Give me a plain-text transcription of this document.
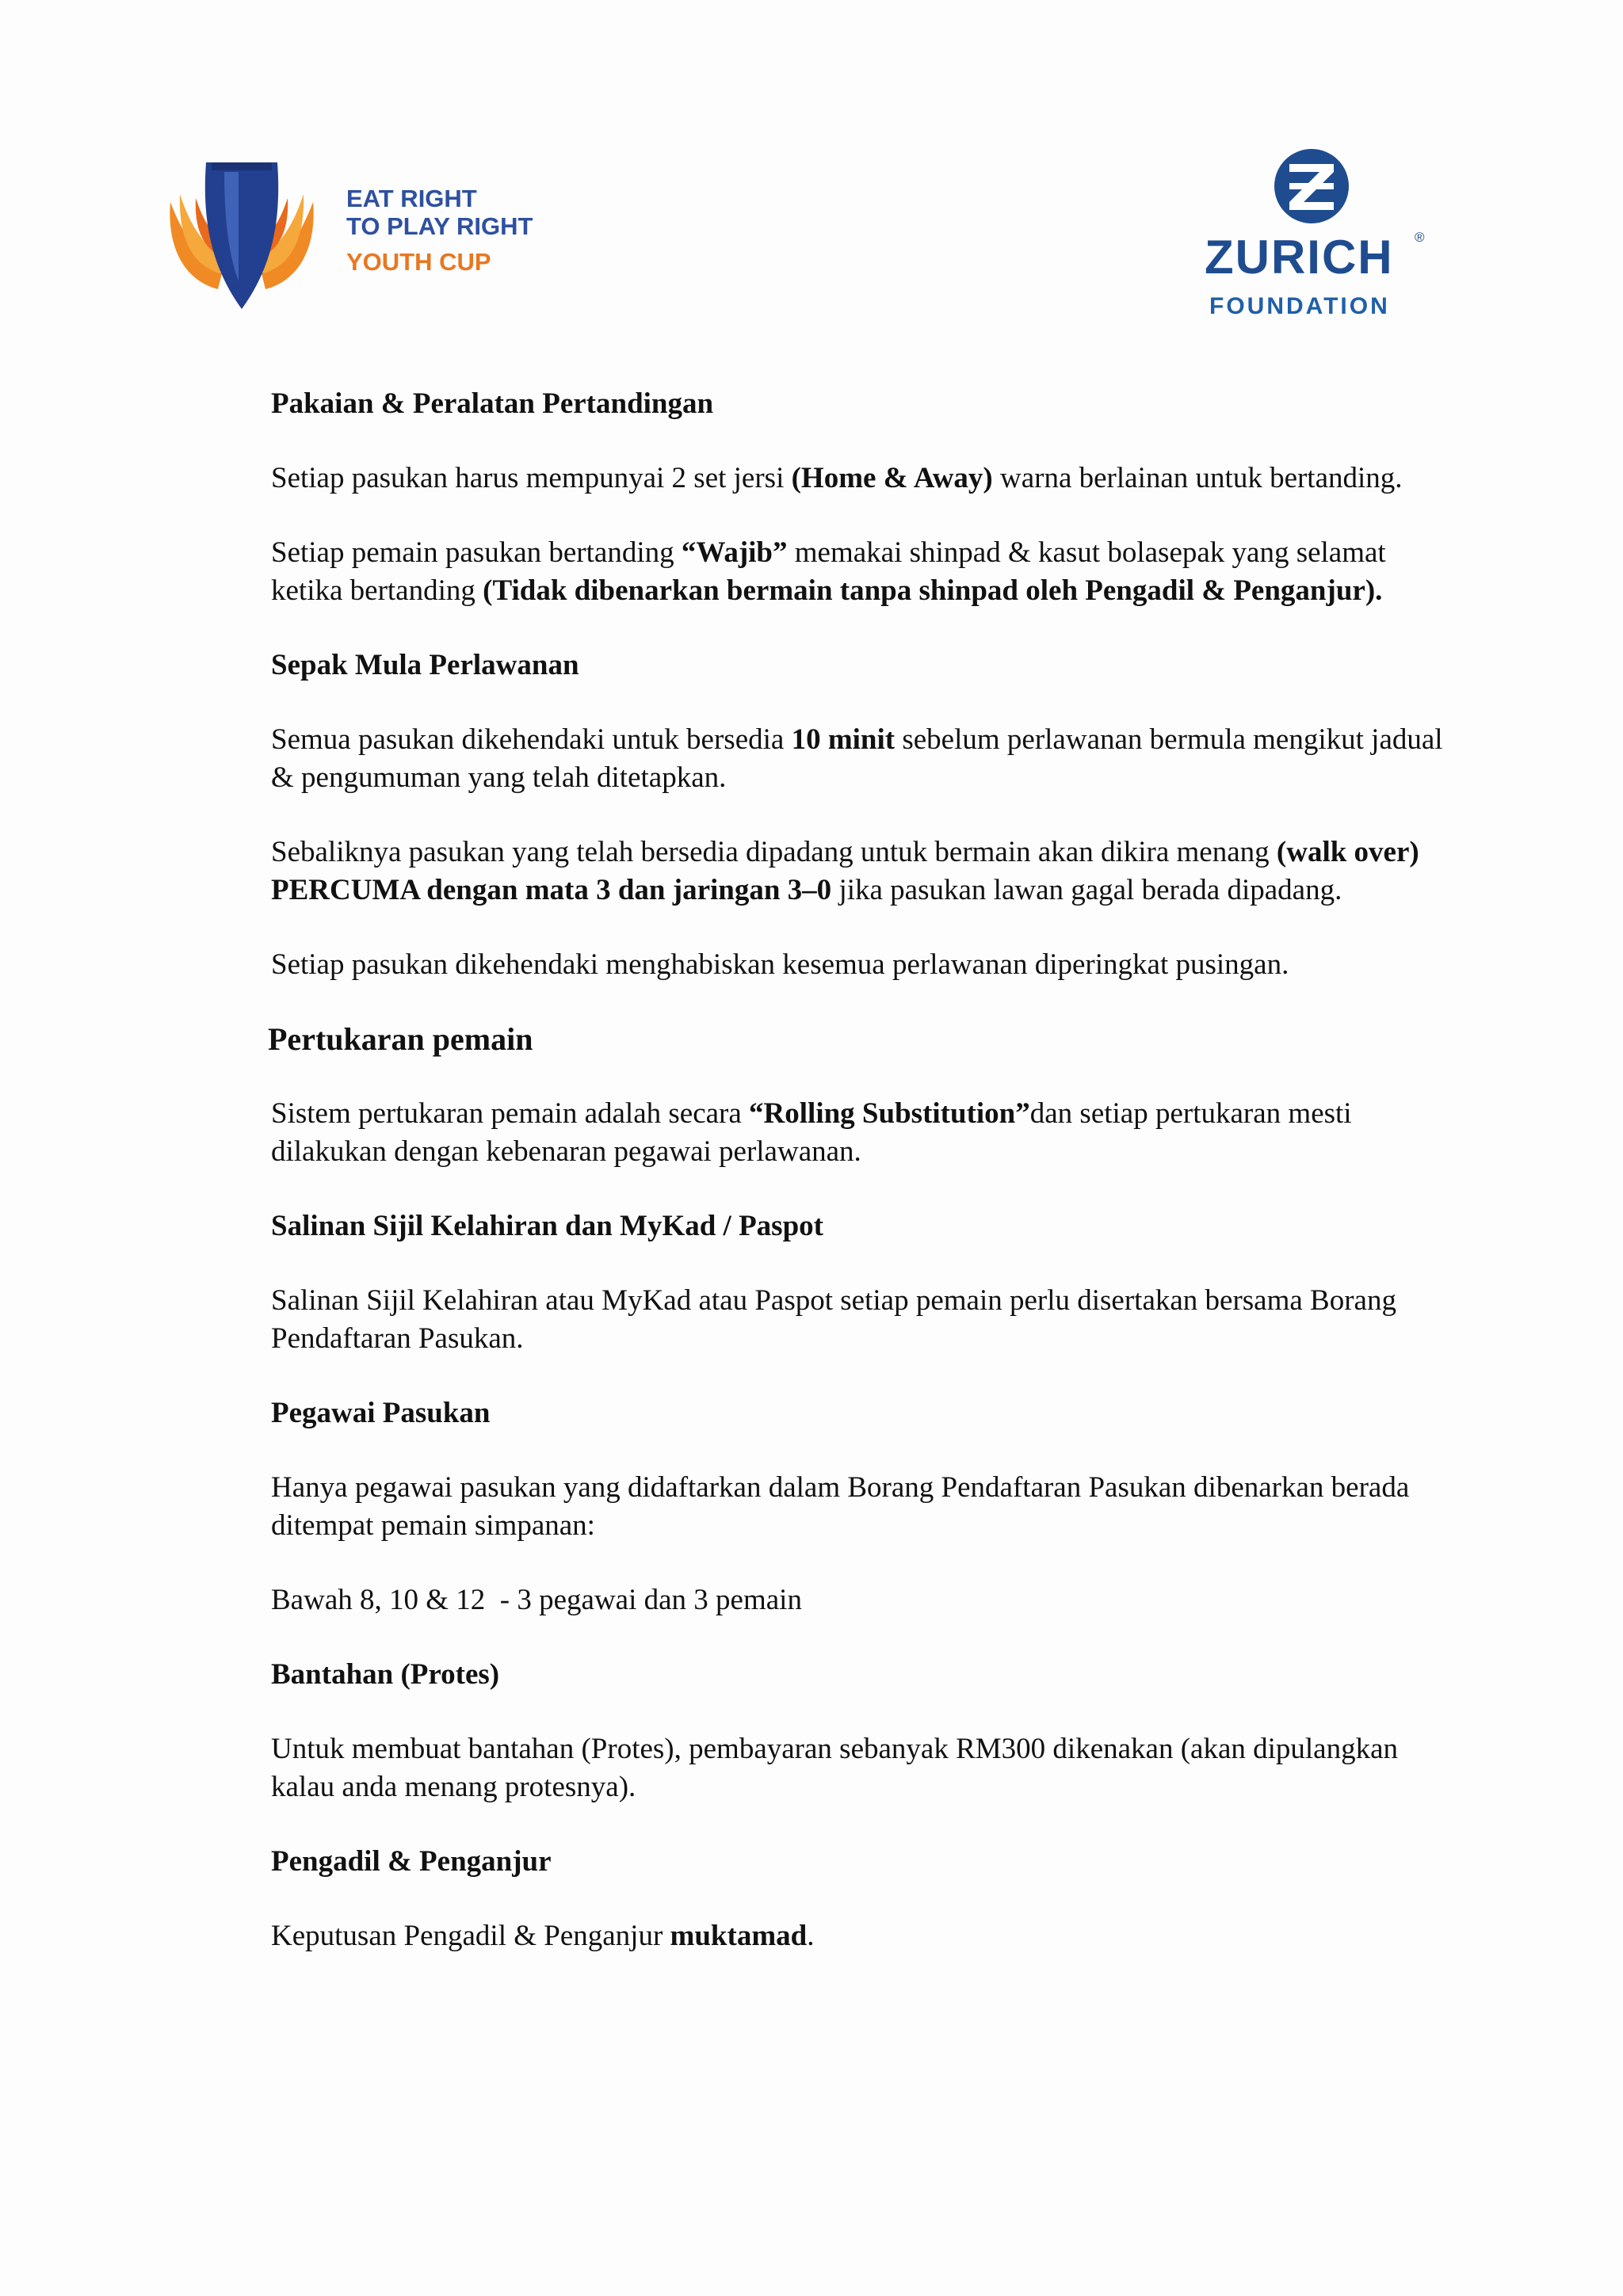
EAT RIGHT
TO PLAY RIGHT
YOUTH CUP	ZURICH ®
FOUNDATION
Pakaian & Peralatan Pertandingan

Setiap pasukan harus mempunyai 2 set jersi (Home & Away) warna berlainan untuk bertanding.

Setiap pemain pasukan bertanding “Wajib” memakai shinpad & kasut bolasepak yang selamat ketika bertanding (Tidak dibenarkan bermain tanpa shinpad oleh Pengadil & Penganjur).

Sepak Mula Perlawanan

Semua pasukan dikehendaki untuk bersedia 10 minit sebelum perlawanan bermula mengikut jadual & pengumuman yang telah ditetapkan.

Sebaliknya pasukan yang telah bersedia dipadang untuk bermain akan dikira menang (walk over) PERCUMA dengan mata 3 dan jaringan 3–0 jika pasukan lawan gagal berada dipadang.

Setiap pasukan dikehendaki menghabiskan kesemua perlawanan diperingkat pusingan.

Pertukaran pemain

Sistem pertukaran pemain adalah secara “Rolling Substitution”dan setiap pertukaran mesti dilakukan dengan kebenaran pegawai perlawanan.

Salinan Sijil Kelahiran dan MyKad / Paspot

Salinan Sijil Kelahiran atau MyKad atau Paspot setiap pemain perlu disertakan bersama Borang Pendaftaran Pasukan.

Pegawai Pasukan

Hanya pegawai pasukan yang didaftarkan dalam Borang Pendaftaran Pasukan dibenarkan berada ditempat pemain simpanan:

Bawah 8, 10 & 12  - 3 pegawai dan 3 pemain

Bantahan (Protes)

Untuk membuat bantahan (Protes), pembayaran sebanyak RM300 dikenakan (akan dipulangkan kalau anda menang protesnya).

Pengadil & Penganjur

Keputusan Pengadil & Penganjur muktamad.
